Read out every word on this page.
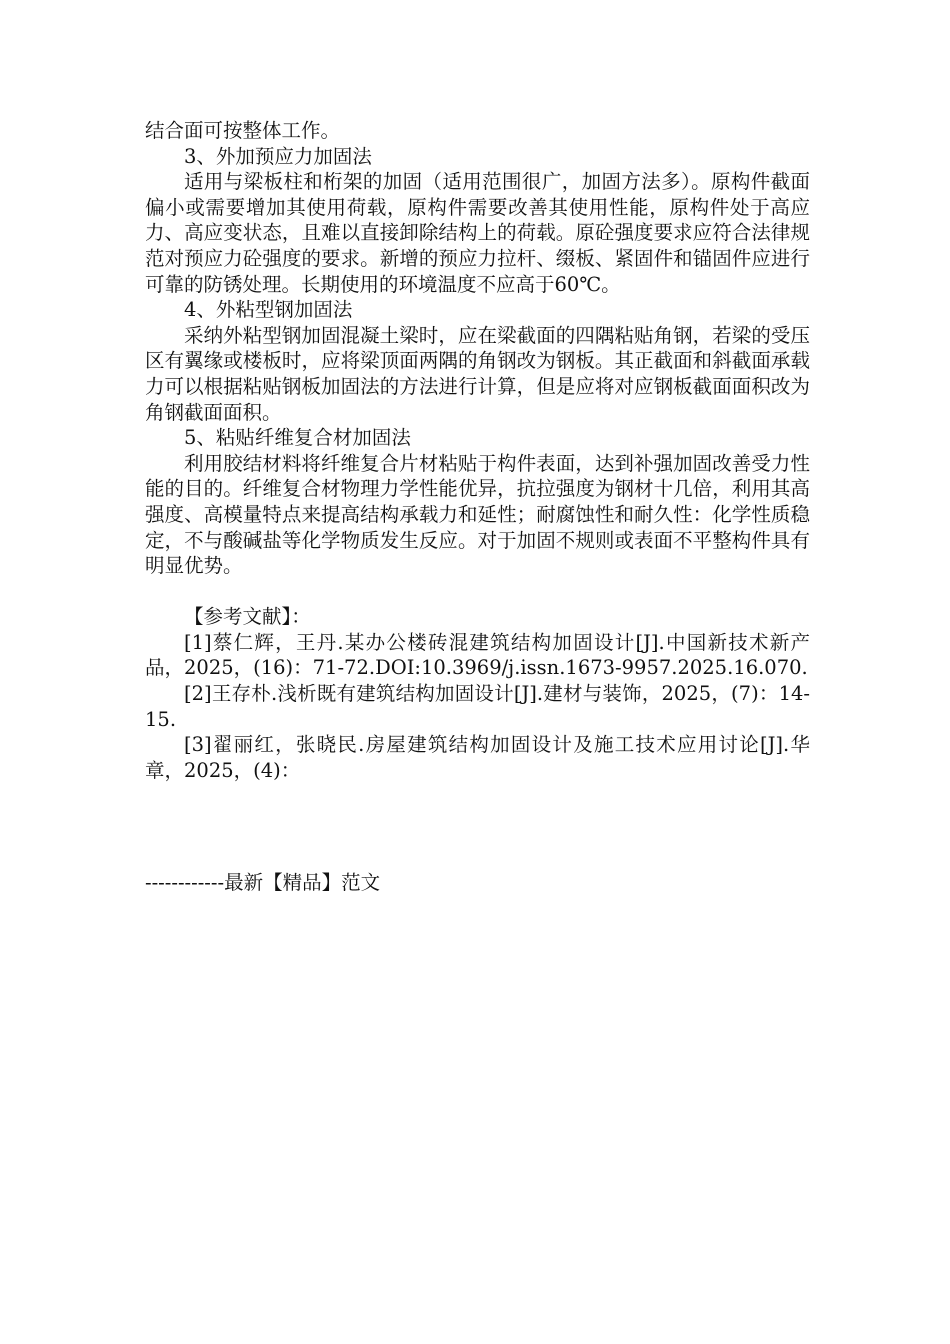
结合面可按整体工作。

3、外加预应力加固法

适用与梁板柱和桁架的加固（适用范围很广，加固方法多）。原构件截面偏小或需要增加其使用荷载，原构件需要改善其使用性能，原构件处于高应力、高应变状态，且难以直接卸除结构上的荷载。原砼强度要求应符合法律规范对预应力砼强度的要求。新增的预应力拉杆、缀板、紧固件和锚固件应进行可靠的防锈处理。长期使用的环境温度不应高于60℃。

4、外粘型钢加固法

采纳外粘型钢加固混凝土梁时，应在梁截面的四隅粘贴角钢，若梁的受压区有翼缘或楼板时，应将梁顶面两隅的角钢改为钢板。其正截面和斜截面承载力可以根据粘贴钢板加固法的方法进行计算，但是应将对应钢板截面面积改为角钢截面面积。

5、粘贴纤维复合材加固法

利用胶结材料将纤维复合片材粘贴于构件表面，达到补强加固改善受力性能的目的。纤维复合材物理力学性能优异，抗拉强度为钢材十几倍，利用其高强度、高模量特点来提高结构承载力和延性；耐腐蚀性和耐久性：化学性质稳定，不与酸碱盐等化学物质发生反应。对于加固不规则或表面不平整构件具有明显优势。

【参考文献】：

[1]蔡仁辉，王丹.某办公楼砖混建筑结构加固设计[J].中国新技术新产品，2025，(16)：71-72.DOI:10.3969/j.issn.1673-9957.2025.16.070.

[2]王存朴.浅析既有建筑结构加固设计[J].建材与装饰，2025，(7)：14-15.

[3]翟丽红，张晓民.房屋建筑结构加固设计及施工技术应用讨论[J].华章，2025，(4)：

------------最新【精品】范文
